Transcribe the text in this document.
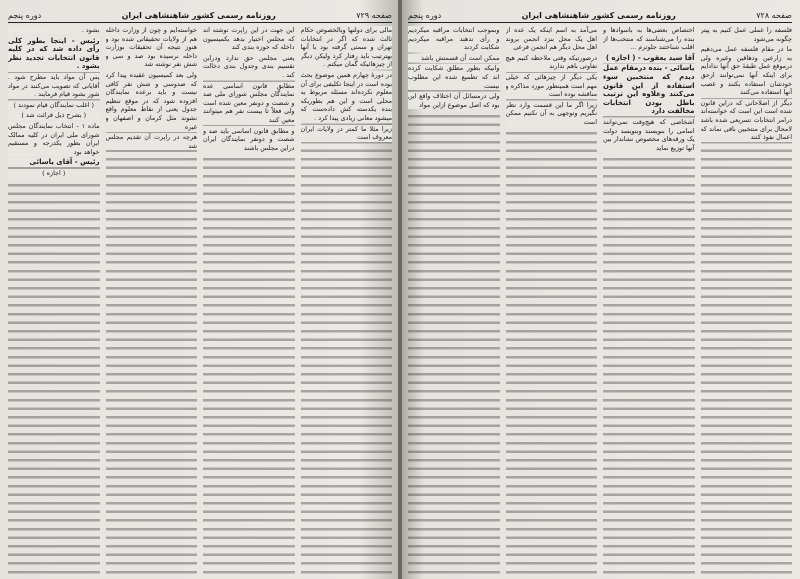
دوره پنجم	روزنامه رسمی کشور شاهنشاهی ایران	صفحه ۷۲۹

مالی برای دولتها وبالخصوص حکام ثالث شده که اگر در انتخابات تهران و سمتی گرفته بود با آنها بهترتیب باید رفتار کرد ولیکن دیگر از چیزهائیکه گمان میکنم .

در دورهٔ چهارم همین موضوع بحث بوده است در اینجا تکلیفی برای آن معلوم نکرده‌اند مسئله مربوط به محلی است و این هم بطوریکه بنده یکدسته کش داده‌ست که میشود معانی زیادی پیدا کرد .

زیرا مثلا ما کمتر در ولایات ایران معروف است

این جهت در این راپرت نوشته اند که مجلس اختیار بدهد بکمیسیون داخله که حوزه بندی کند

یعنی مجلس حق ندارد ودراین تقسیم بندی وجدول بندی دخالت کند .

مطابق قانون اساسی عده نمایندگان مجلس شورای ملی صد و شصت و دونفر معین شده است ولی فعلاً تا بیست نفر هم میتوانند معین کنند

و مطابق قانون اساسی باید صد و شصت و دونفر نمایندگان ایران دراین مجلس باشند

خواسته‌ایم و چون از وزارت داخله هم از ولایات تحقیقاتی شده بود و هنوز نتیجه آن تحقیقات بوزارت داخله نرسیده بود صد و سی و شش نفر نوشته شد

ولی بعد کمیسیون عقیده پیدا کرد که صدوسی و شش نفر کافی نیست و باید برعده نمایندگان افزوده شود که در موقع تنظیم جدول یعنی از نقاط معلوم واقع نشوند مثل کرمان و اصفهان و غیره

هرچه در راپرت آن تقدیم مجلس شد

بشود .

رئیس - اینجا بطور کلی رأی داده شد که در کلیه قانون انتخابات تجدید نظر بشود .

پس آن مواد باید مطرح شود . آقایانی که تصویب می‌کنند در مواد شور بشود قیام فرمایند .

( اغلب نمایندگان قیام نمودند )

( بشرح ذیل قرائت شد )

ماده ۱ - انتخاب نمایندگان مجلس شورای ملی ایران در کلیه ممالک ایران بطور یکدرجه و مستقیم خواهد بود

رئیس - آقای یاسائی

( اجازه )

دوره پنجم	روزنامه رسمی کشور شاهنشاهی ایران	صفحه ۷۲۸

فلسفه را عملی عمل کنیم به پیتر چگونه می‌شود

ما در مقام فلسفه عمل می‌دهیم به زارعین ودهاقین وغیره ولی درموقع عمل طبقهٔ حق آنها ندادایم برای اینکه آنها نمی‌توانند ازحق خودشان استفاده بکنند و غصب آنها استفاده می‌کنند

دیگر از اصلاحاتی که دراین قانون شده است این است که خواسته‌اند درامر انتخابات تسریعی شده باشد لامحال برای منتخبین باقی نماند که اعمال نفوذ کنند

اختصاص بعضی‌ها به باسوادها و بنده را می‌شناسند که منتخب‌ها از اقلب شناختند جلوترم ...

آقا سید یعقوب - ( اجازه )

یاسائی - بنده درمقام عمل دیدم که منتخبین سوء استفاده از این قانون می‌کنند وعلاوه این ترتیب باطل بودن انتخابات مخالفت دارد

اشخاصی که هیچ‌وقت نمی‌توانند اسامی را بنویسند وبنویسد دولت یک ورقه‌های مخصوص نشاندار بین آنها توزیع نماید

می‌آمد به اسم اینکه یک عده از اهل یک محل بنزد انجمن بروند اهل محل دیگر هم انجمن فرعی

درصورتیکه وقتی ملاحظه کنیم هیچ تفاوتی باهم ندارند

یکی دیگر از چیزهائی که خیلی مهم است همینطور مورد مذاکره و مناقشه بوده است

زیرا اگر ما این قسمت وارد نظر نگیریم وتوجهی به آن نکنیم ممکن است

وبموجب انتخابات مراقبه میکردیم و رأی ندهند مراقبه میکردیم شکایت کردند

ممکن است آن قسمتش باشد

وانیکه بطور مطلق شکایت کرده اند که تطمیع شده این مطلوب نیست

ولی درمسائل آن اختلاف واقع این بود که اصل موضوع ازاین مواد
